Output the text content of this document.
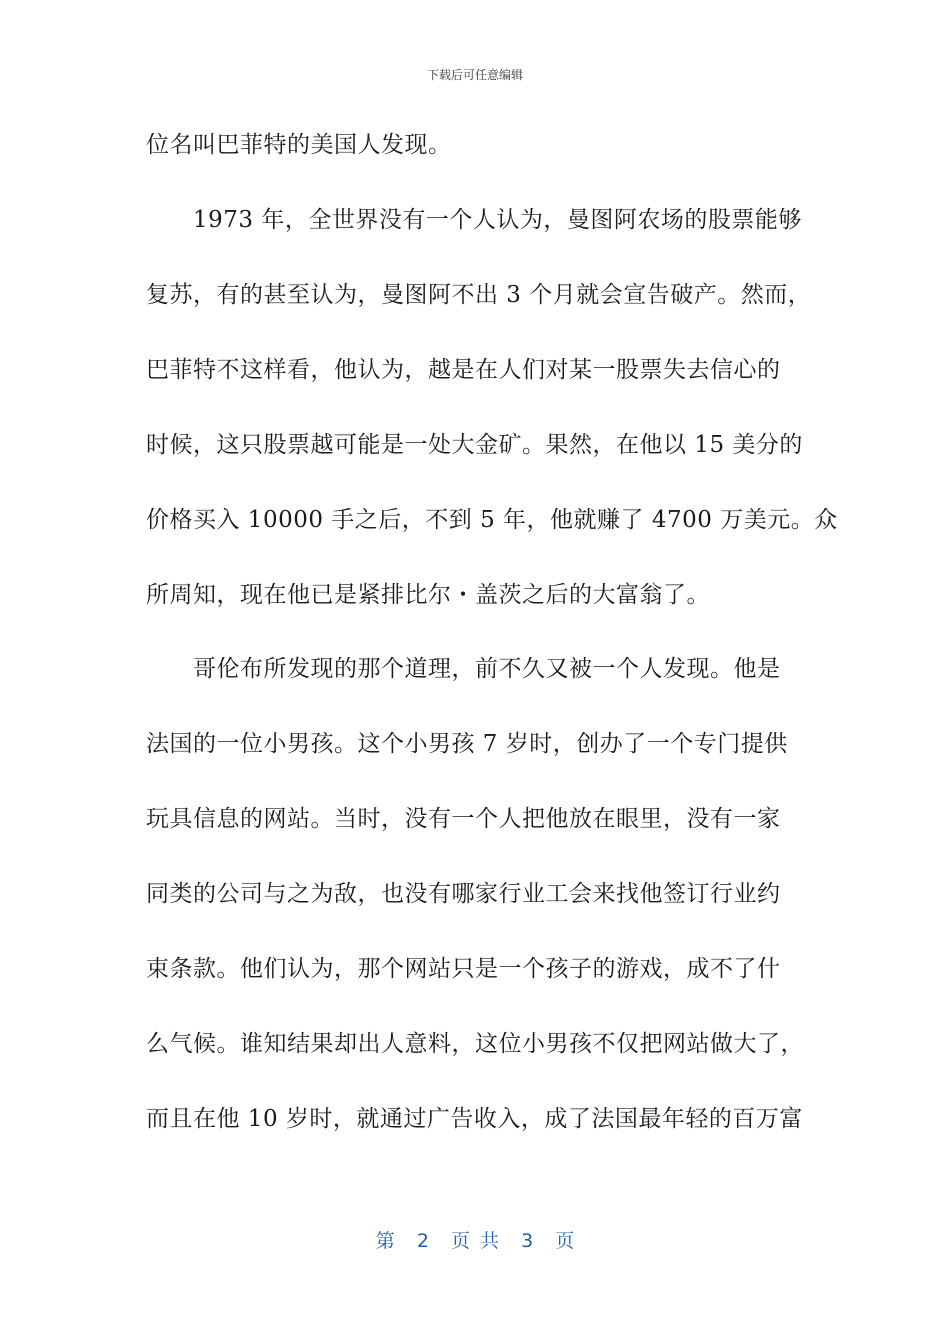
下载后可任意编辑
位名叫巴菲特的美国人发现。
1973 年，全世界没有一个人认为，曼图阿农场的股票能够
复苏，有的甚至认为，曼图阿不出 3 个月就会宣告破产。然而，
巴菲特不这样看，他认为，越是在人们对某一股票失去信心的
时候，这只股票越可能是一处大金矿。果然，在他以 15 美分的
价格买入 10000 手之后，不到 5 年，他就赚了 4700 万美元。众
所周知，现在他已是紧排比尔・盖茨之后的大富翁了。
哥伦布所发现的那个道理，前不久又被一个人发现。他是
法国的一位小男孩。这个小男孩 7 岁时，创办了一个专门提供
玩具信息的网站。当时，没有一个人把他放在眼里，没有一家
同类的公司与之为敌，也没有哪家行业工会来找他签订行业约
束条款。他们认为，那个网站只是一个孩子的游戏，成不了什
么气候。谁知结果却出人意料，这位小男孩不仅把网站做大了，
而且在他 10 岁时，就通过广告收入，成了法国最年轻的百万富
第 2 页 共 3 页
